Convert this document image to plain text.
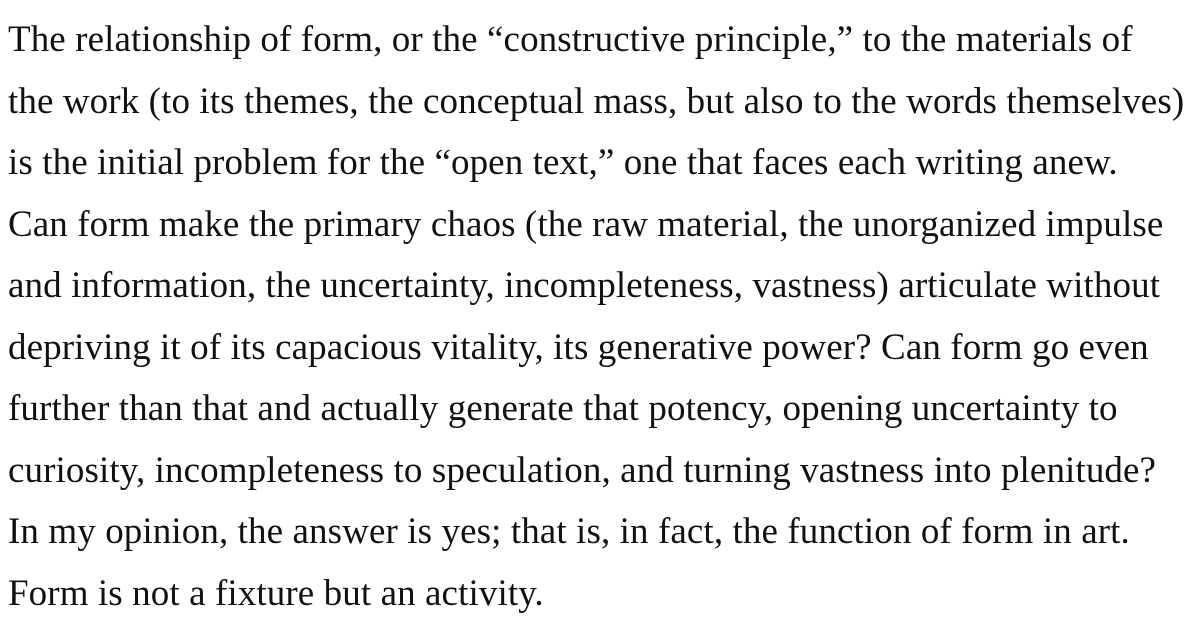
The relationship of form, or the “constructive principle,” to the materials of
the work (to its themes, the conceptual mass, but also to the words themselves)
is the initial problem for the “open text,” one that faces each writing anew.
Can form make the primary chaos (the raw material, the unorganized impulse
and information, the uncertainty, incompleteness, vastness) articulate without
depriving it of its capacious vitality, its generative power? Can form go even
further than that and actually generate that potency, opening uncertainty to
curiosity, incompleteness to speculation, and turning vastness into plenitude?
In my opinion, the answer is yes; that is, in fact, the function of form in art.
Form is not a fixture but an activity.
